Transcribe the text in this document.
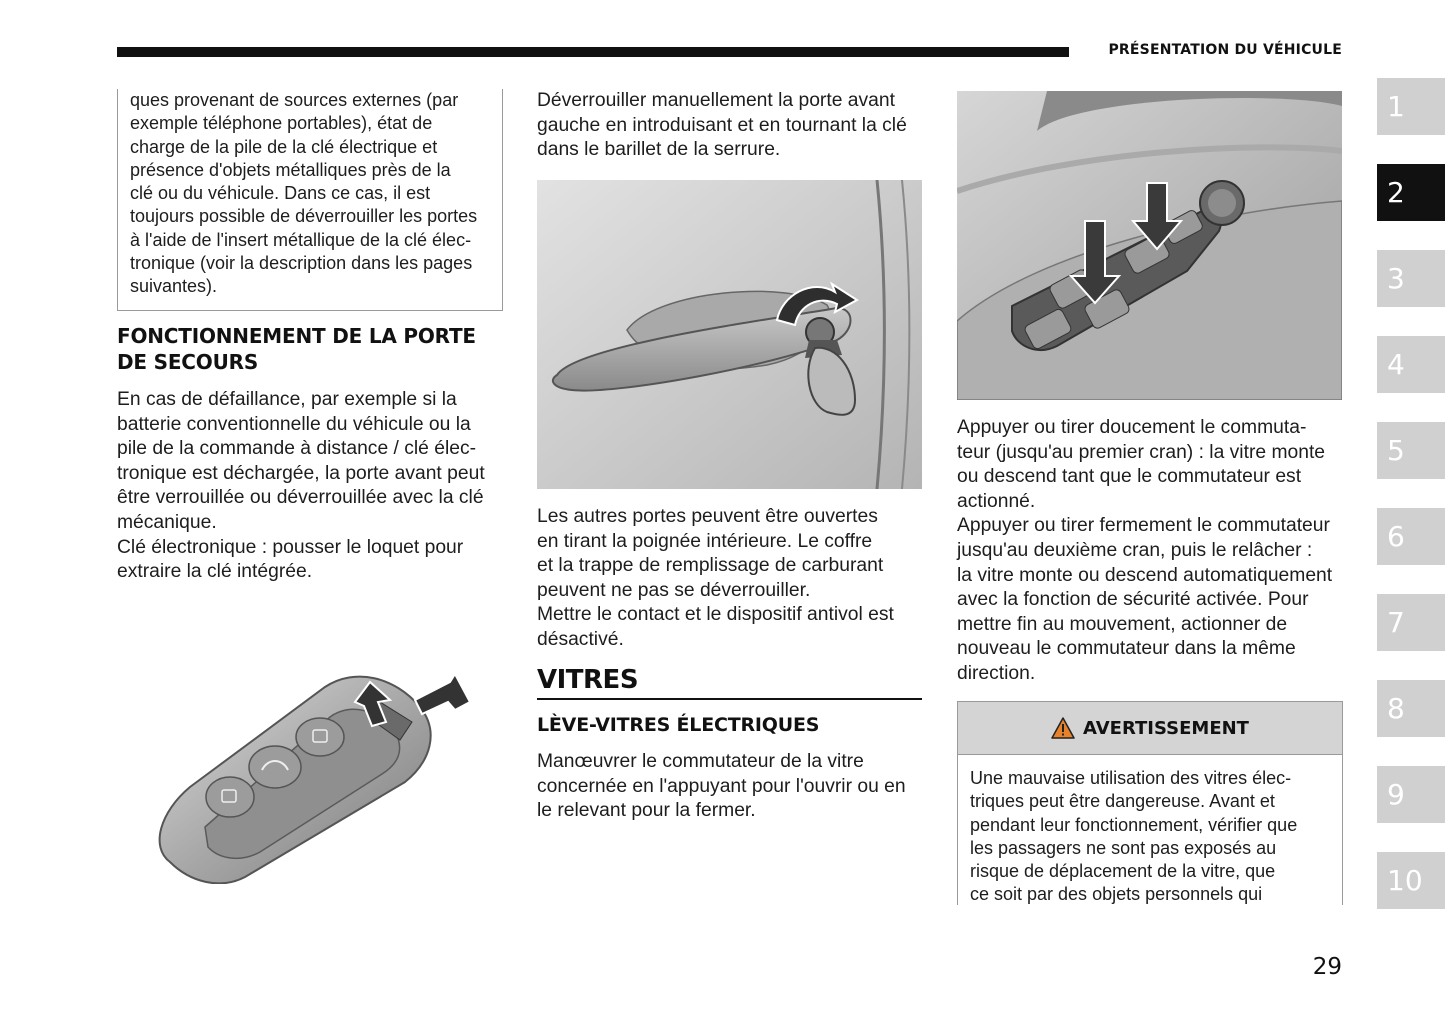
PRÉSENTATION DU VÉHICULE
ques provenant de sources externes (par
exemple téléphone portables), état de
charge de la pile de la clé électrique et
présence d'objets métalliques près de la
clé ou du véhicule. Dans ce cas, il est
toujours possible de déverrouiller les portes
à l'aide de l'insert métallique de la clé élec-
tronique (voir la description dans les pages
suivantes).
FONCTIONNEMENT DE LA PORTE
DE SECOURS
En cas de défaillance, par exemple si la
batterie conventionnelle du véhicule ou la
pile de la commande à distance / clé élec-
tronique est déchargée, la porte avant peut
être verrouillée ou déverrouillée avec la clé
mécanique.
Clé électronique : pousser le loquet pour
extraire la clé intégrée.
Déverrouiller manuellement la porte avant
gauche en introduisant et en tournant la clé
dans le barillet de la serrure.
Les autres portes peuvent être ouvertes
en tirant la poignée intérieure. Le coffre
et la trappe de remplissage de carburant
peuvent ne pas se déverrouiller.
Mettre le contact et le dispositif antivol est
désactivé.
VITRES
LÈVE-VITRES ÉLECTRIQUES
Manœuvrer le commutateur de la vitre
concernée en l'appuyant pour l'ouvrir ou en
le relevant pour la fermer.
Appuyer ou tirer doucement le commuta-
teur (jusqu'au premier cran) : la vitre monte
ou descend tant que le commutateur est
actionné.
Appuyer ou tirer fermement le commutateur
jusqu'au deuxième cran, puis le relâcher :
la vitre monte ou descend automatiquement
avec la fonction de sécurité activée. Pour
mettre fin au mouvement, actionner de
nouveau le commutateur dans la même
direction.
AVERTISSEMENT
Une mauvaise utilisation des vitres élec-
triques peut être dangereuse. Avant et
pendant leur fonctionnement, vérifier que
les passagers ne sont pas exposés au
risque de déplacement de la vitre, que
ce soit par des objets personnels qui
1
2
3
4
5
6
7
8
9
10
29
